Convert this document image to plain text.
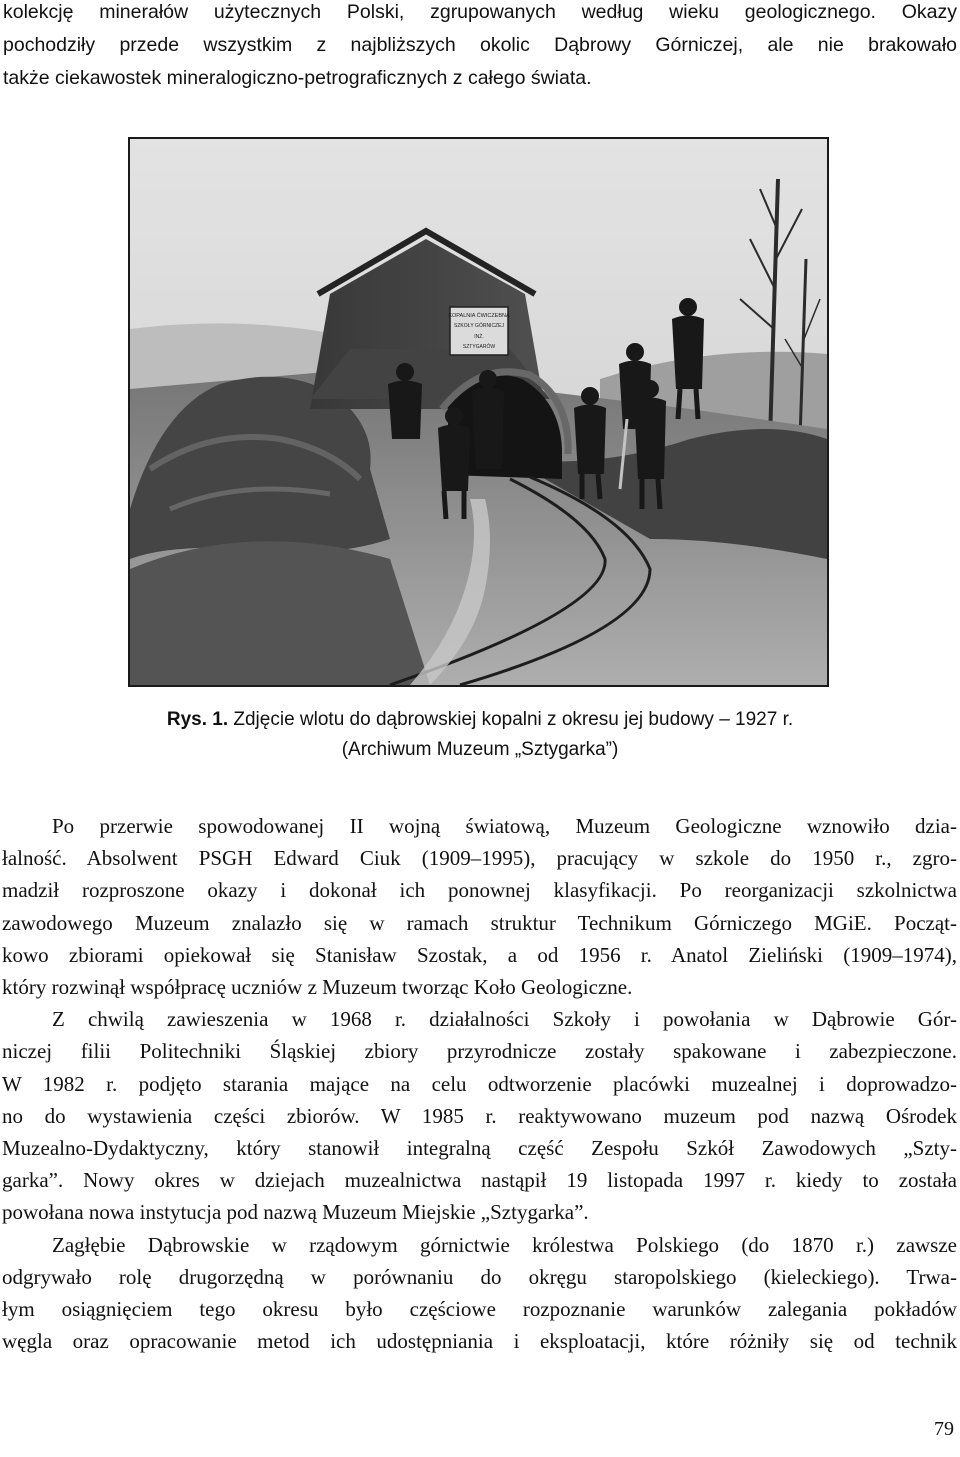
kolekcję minerałów użytecznych Polski, zgrupowanych według wieku geologicznego. Okazy
pochodziły przede wszystkim z najbliższych okolic Dąbrowy Górniczej, ale nie brakowało
także ciekawostek mineralogiczno-petrograficznych z całego świata.
KOPALNIA ĆWICZEBNA
SZKOŁY GÓRNICZEJ
INŻ.
SZTYGARÓW
Rys. 1. Zdjęcie wlotu do dąbrowskiej kopalni z okresu jej budowy – 1927 r.
(Archiwum Muzeum „Sztygarka”)
Po przerwie spowodowanej II wojną światową, Muzeum Geologiczne wznowiło dzia-
łalność. Absolwent PSGH Edward Ciuk (1909–1995), pracujący w szkole do 1950 r., zgro-
madził rozproszone okazy i dokonał ich ponownej klasyfikacji. Po reorganizacji szkolnictwa
zawodowego Muzeum znalazło się w ramach struktur Technikum Górniczego MGiE. Począt-
kowo zbiorami opiekował się Stanisław Szostak, a od 1956 r. Anatol Zieliński (1909–1974),
który rozwinął współpracę uczniów z Muzeum tworząc Koło Geologiczne.
Z chwilą zawieszenia w 1968 r. działalności Szkoły i powołania w Dąbrowie Gór-
niczej filii Politechniki Śląskiej zbiory przyrodnicze zostały spakowane i zabezpieczone.
W 1982 r. podjęto starania mające na celu odtworzenie placówki muzealnej i doprowadzo-
no do wystawienia części zbiorów. W 1985 r. reaktywowano muzeum pod nazwą Ośrodek
Muzealno-Dydaktyczny, który stanowił integralną część Zespołu Szkół Zawodowych „Szty-
garka”. Nowy okres w dziejach muzealnictwa nastąpił 19 listopada 1997 r. kiedy to została
powołana nowa instytucja pod nazwą Muzeum Miejskie „Sztygarka”.
Zagłębie Dąbrowskie w rządowym górnictwie królestwa Polskiego (do 1870 r.) zawsze
odgrywało rolę drugorzędną w porównaniu do okręgu staropolskiego (kieleckiego). Trwa-
łym osiągnięciem tego okresu było częściowe rozpoznanie warunków zalegania pokładów
węgla oraz opracowanie metod ich udostępniania i eksploatacji, które różniły się od technik
79
